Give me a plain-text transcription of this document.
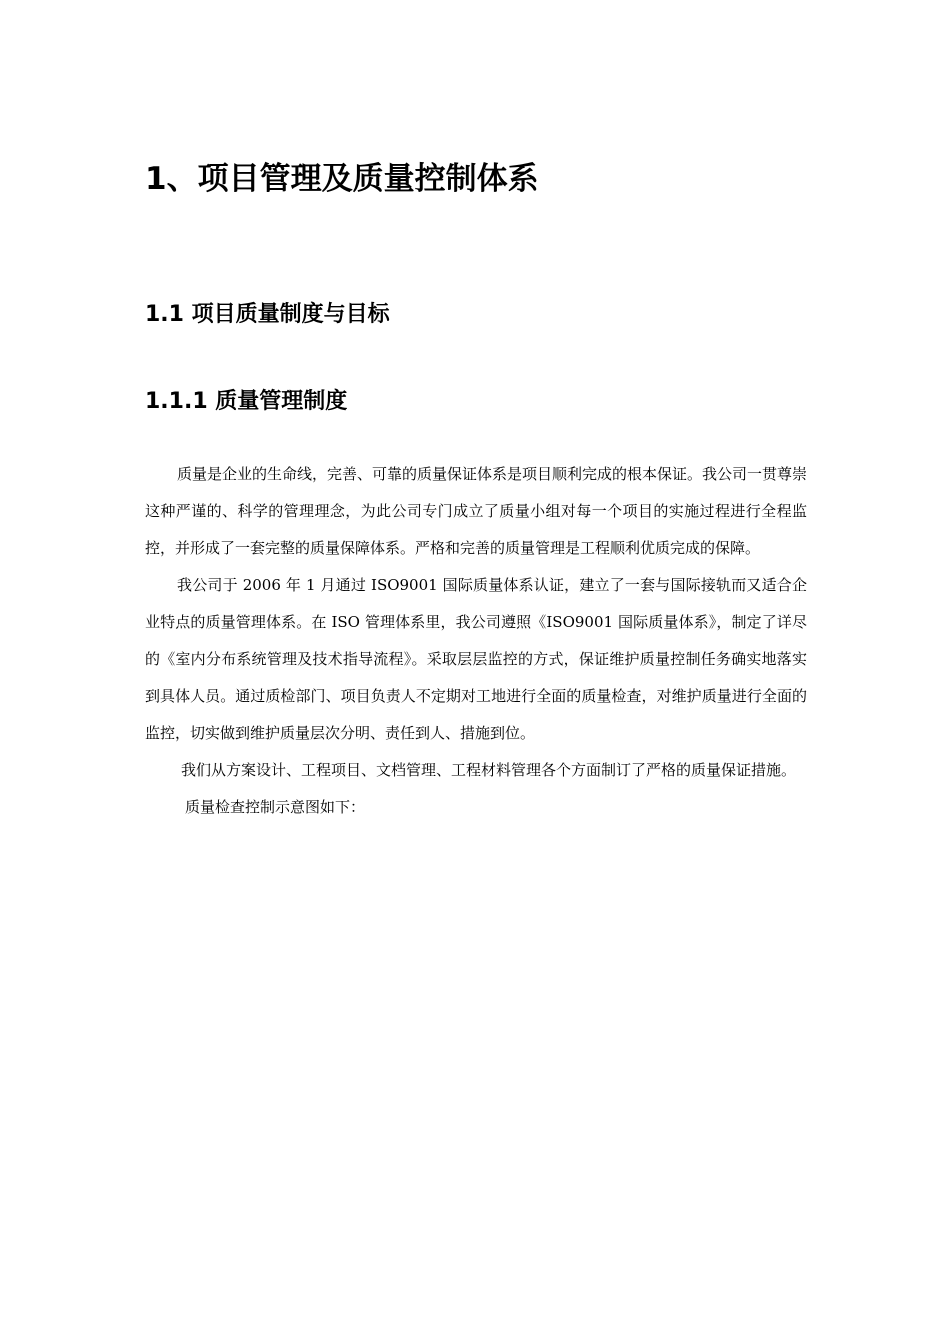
1、项目管理及质量控制体系
1.1 项目质量制度与目标
1.1.1 质量管理制度

质量是企业的生命线，完善、可靠的质量保证体系是项目顺利完成的根本保证。我公司一贯尊崇这种严谨的、科学的管理理念，为此公司专门成立了质量小组对每一个项目的实施过程进行全程监控，并形成了一套完整的质量保障体系。严格和完善的质量管理是工程顺利优质完成的保障。

我公司于 2006 年 1 月通过 ISO9001 国际质量体系认证，建立了一套与国际接轨而又适合企业特点的质量管理体系。在 ISO 管理体系里，我公司遵照《ISO9001 国际质量体系》，制定了详尽的《室内分布系统管理及技术指导流程》。采取层层监控的方式，保证维护质量控制任务确实地落实到具体人员。通过质检部门、项目负责人不定期对工地进行全面的质量检查，对维护质量进行全面的监控，切实做到维护质量层次分明、责任到人、措施到位。

我们从方案设计、工程项目、文档管理、工程材料管理各个方面制订了严格的质量保证措施。

质量检查控制示意图如下：
